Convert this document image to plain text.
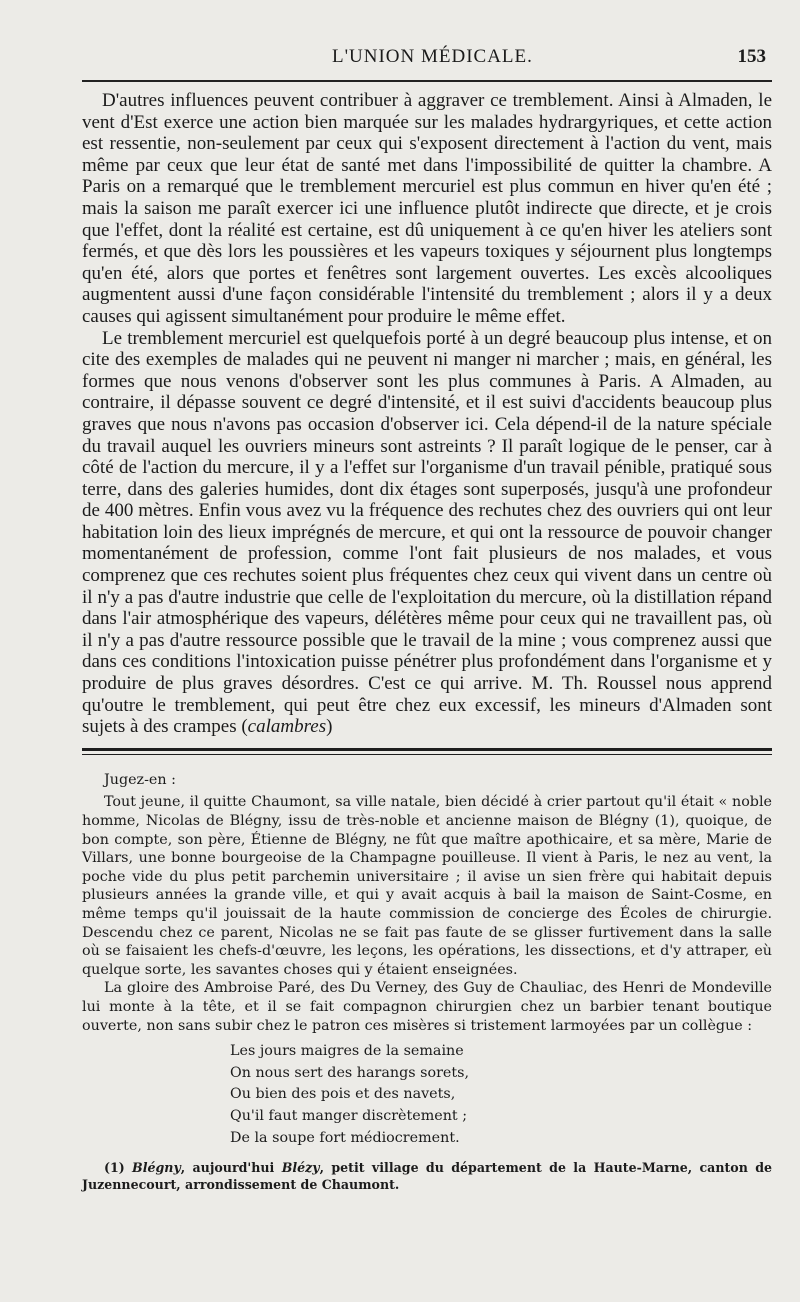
L'UNION MÉDICALE.	153

D'autres influences peuvent contribuer à aggraver ce tremblement. Ainsi à Almaden, le vent d'Est exerce une action bien marquée sur les malades hydrargyriques, et cette action est ressentie, non-seulement par ceux qui s'exposent directement à l'action du vent, mais même par ceux que leur état de santé met dans l'impossibilité de quitter la chambre. A Paris on a remarqué que le tremblement mercuriel est plus commun en hiver qu'en été ; mais la saison me paraît exercer ici une influence plutôt indirecte que directe, et je crois que l'effet, dont la réalité est certaine, est dû uniquement à ce qu'en hiver les ateliers sont fermés, et que dès lors les poussières et les vapeurs toxiques y séjournent plus longtemps qu'en été, alors que portes et fenêtres sont largement ouvertes. Les excès alcooliques augmentent aussi d'une façon considérable l'intensité du tremblement ; alors il y a deux causes qui agissent simultanément pour produire le même effet.

Le tremblement mercuriel est quelquefois porté à un degré beaucoup plus intense, et on cite des exemples de malades qui ne peuvent ni manger ni marcher ; mais, en général, les formes que nous venons d'observer sont les plus communes à Paris. A Almaden, au contraire, il dépasse souvent ce degré d'intensité, et il est suivi d'accidents beaucoup plus graves que nous n'avons pas occasion d'observer ici. Cela dépend-il de la nature spéciale du travail auquel les ouvriers mineurs sont astreints ? Il paraît logique de le penser, car à côté de l'action du mercure, il y a l'effet sur l'organisme d'un travail pénible, pratiqué sous terre, dans des galeries humides, dont dix étages sont superposés, jusqu'à une profondeur de 400 mètres. Enfin vous avez vu la fréquence des rechutes chez des ouvriers qui ont leur habitation loin des lieux imprégnés de mercure, et qui ont la ressource de pouvoir changer momentanément de profession, comme l'ont fait plusieurs de nos malades, et vous comprenez que ces rechutes soient plus fréquentes chez ceux qui vivent dans un centre où il n'y a pas d'autre industrie que celle de l'exploitation du mercure, où la distillation répand dans l'air atmosphérique des vapeurs, délétères même pour ceux qui ne travaillent pas, où il n'y a pas d'autre ressource possible que le travail de la mine ; vous comprenez aussi que dans ces conditions l'intoxication puisse pénétrer plus profondément dans l'organisme et y produire de plus graves désordres. C'est ce qui arrive. M. Th. Roussel nous apprend qu'outre le tremblement, qui peut être chez eux excessif, les mineurs d'Almaden sont sujets à des crampes (calambres)

Jugez-en :

Tout jeune, il quitte Chaumont, sa ville natale, bien décidé à crier partout qu'il était « noble homme, Nicolas de Blégny, issu de très-noble et ancienne maison de Blégny (1), quoique, de bon compte, son père, Étienne de Blégny, ne fût que maître apothicaire, et sa mère, Marie de Villars, une bonne bourgeoise de la Champagne pouilleuse. Il vient à Paris, le nez au vent, la poche vide du plus petit parchemin universitaire ; il avise un sien frère qui habitait depuis plusieurs années la grande ville, et qui y avait acquis à bail la maison de Saint-Cosme, en même temps qu'il jouissait de la haute commission de concierge des Écoles de chirurgie. Descendu chez ce parent, Nicolas ne se fait pas faute de se glisser furtivement dans la salle où se faisaient les chefs-d'œuvre, les leçons, les opérations, les dissections, et d'y attraper, eù quelque sorte, les savantes choses qui y étaient enseignées.

La gloire des Ambroise Paré, des Du Verney, des Guy de Chauliac, des Henri de Mondeville lui monte à la tête, et il se fait compagnon chirurgien chez un barbier tenant boutique ouverte, non sans subir chez le patron ces misères si tristement larmoyées par un collègue :

Les jours maigres de la semaine
On nous sert des harangs sorets,
Ou bien des pois et des navets,
Qu'il faut manger discrètement ;
De la soupe fort médiocrement.

(1) Blégny, aujourd'hui Blézy, petit village du département de la Haute-Marne, canton de Juzennecourt, arrondissement de Chaumont.
